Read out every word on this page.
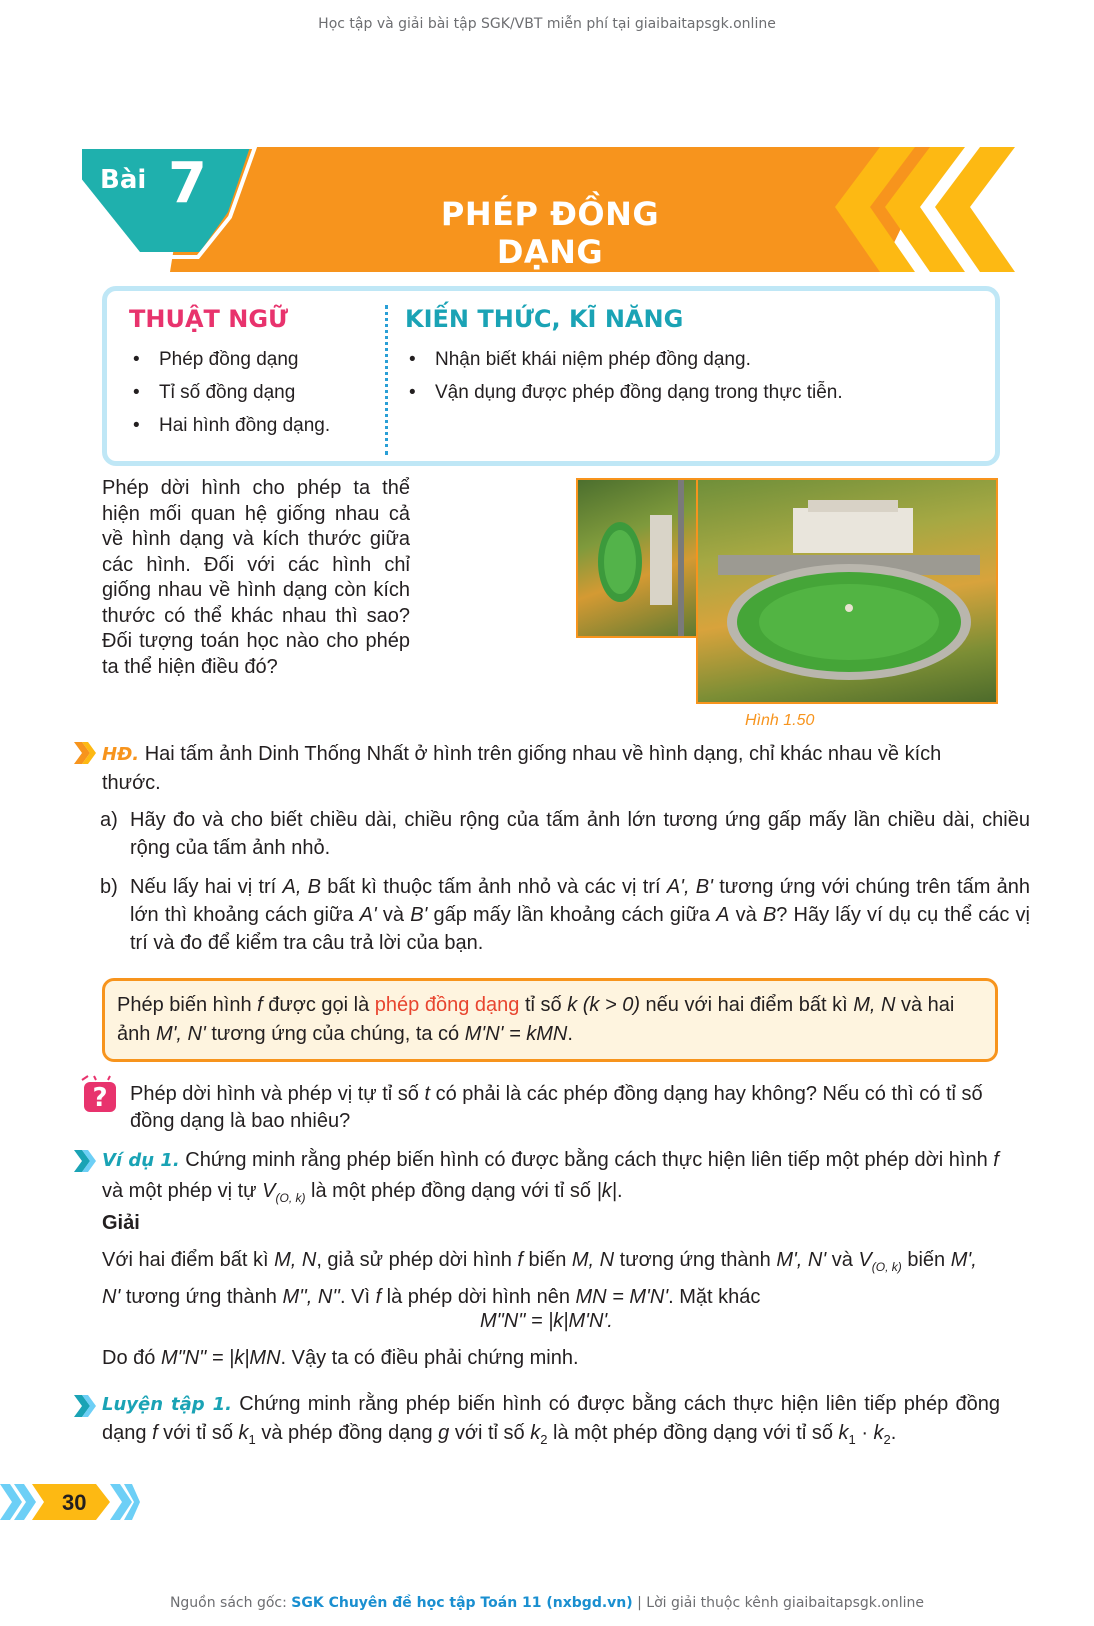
Học tập và giải bài tập SGK/VBT miễn phí tại giaibaitapsgk.online
Bài 7	PHÉP ĐỒNG DẠNG
THUẬT NGỮ
• Phép đồng dạng
• Tỉ số đồng dạng
• Hai hình đồng dạng.
KIẾN THỨC, KĨ NĂNG
• Nhận biết khái niệm phép đồng dạng.
• Vận dụng được phép đồng dạng trong thực tiễn.
Phép dời hình cho phép ta thể hiện mối quan hệ giống nhau cả về hình dạng và kích thước giữa các hình. Đối với các hình chỉ giống nhau về hình dạng còn kích thước có thể khác nhau thì sao? Đối tượng toán học nào cho phép ta thể hiện điều đó?
Hình 1.50
HĐ. Hai tấm ảnh Dinh Thống Nhất ở hình trên giống nhau về hình dạng, chỉ khác nhau về kích thước.
a) Hãy đo và cho biết chiều dài, chiều rộng của tấm ảnh lớn tương ứng gấp mấy lần chiều dài, chiều rộng của tấm ảnh nhỏ.
b) Nếu lấy hai vị trí A, B bất kì thuộc tấm ảnh nhỏ và các vị trí A', B' tương ứng với chúng trên tấm ảnh lớn thì khoảng cách giữa A' và B' gấp mấy lần khoảng cách giữa A và B? Hãy lấy ví dụ cụ thể các vị trí và đo để kiểm tra câu trả lời của bạn.
Phép biến hình f được gọi là phép đồng dạng tỉ số k (k > 0) nếu với hai điểm bất kì M, N và hai ảnh M', N' tương ứng của chúng, ta có M'N' = kMN.
? Phép dời hình và phép vị tự tỉ số t có phải là các phép đồng dạng hay không? Nếu có thì có tỉ số đồng dạng là bao nhiêu?
Ví dụ 1. Chứng minh rằng phép biến hình có được bằng cách thực hiện liên tiếp một phép dời hình f và một phép vị tự $V_{(O, k)}$ là một phép đồng dạng với tỉ số |k|.
Giải
Với hai điểm bất kì M, N, giả sử phép dời hình f biến M, N tương ứng thành M', N' và $V_{(O, k)}$ biến M', N' tương ứng thành M'', N''. Vì f là phép dời hình nên MN = M'N'. Mặt khác
M"N" = |k|M'N'.
Do đó M"N" = |k|MN. Vậy ta có điều phải chứng minh.
Luyện tập 1. Chứng minh rằng phép biến hình có được bằng cách thực hiện liên tiếp phép đồng dạng f với tỉ số $k_1$ và phép đồng dạng g với tỉ số $k_2$ là một phép đồng dạng với tỉ số $k_1 \cdot k_2$.
30
Nguồn sách gốc: SGK Chuyên đề học tập Toán 11 (nxbgd.vn) | Lời giải thuộc kênh giaibaitapsgk.online
